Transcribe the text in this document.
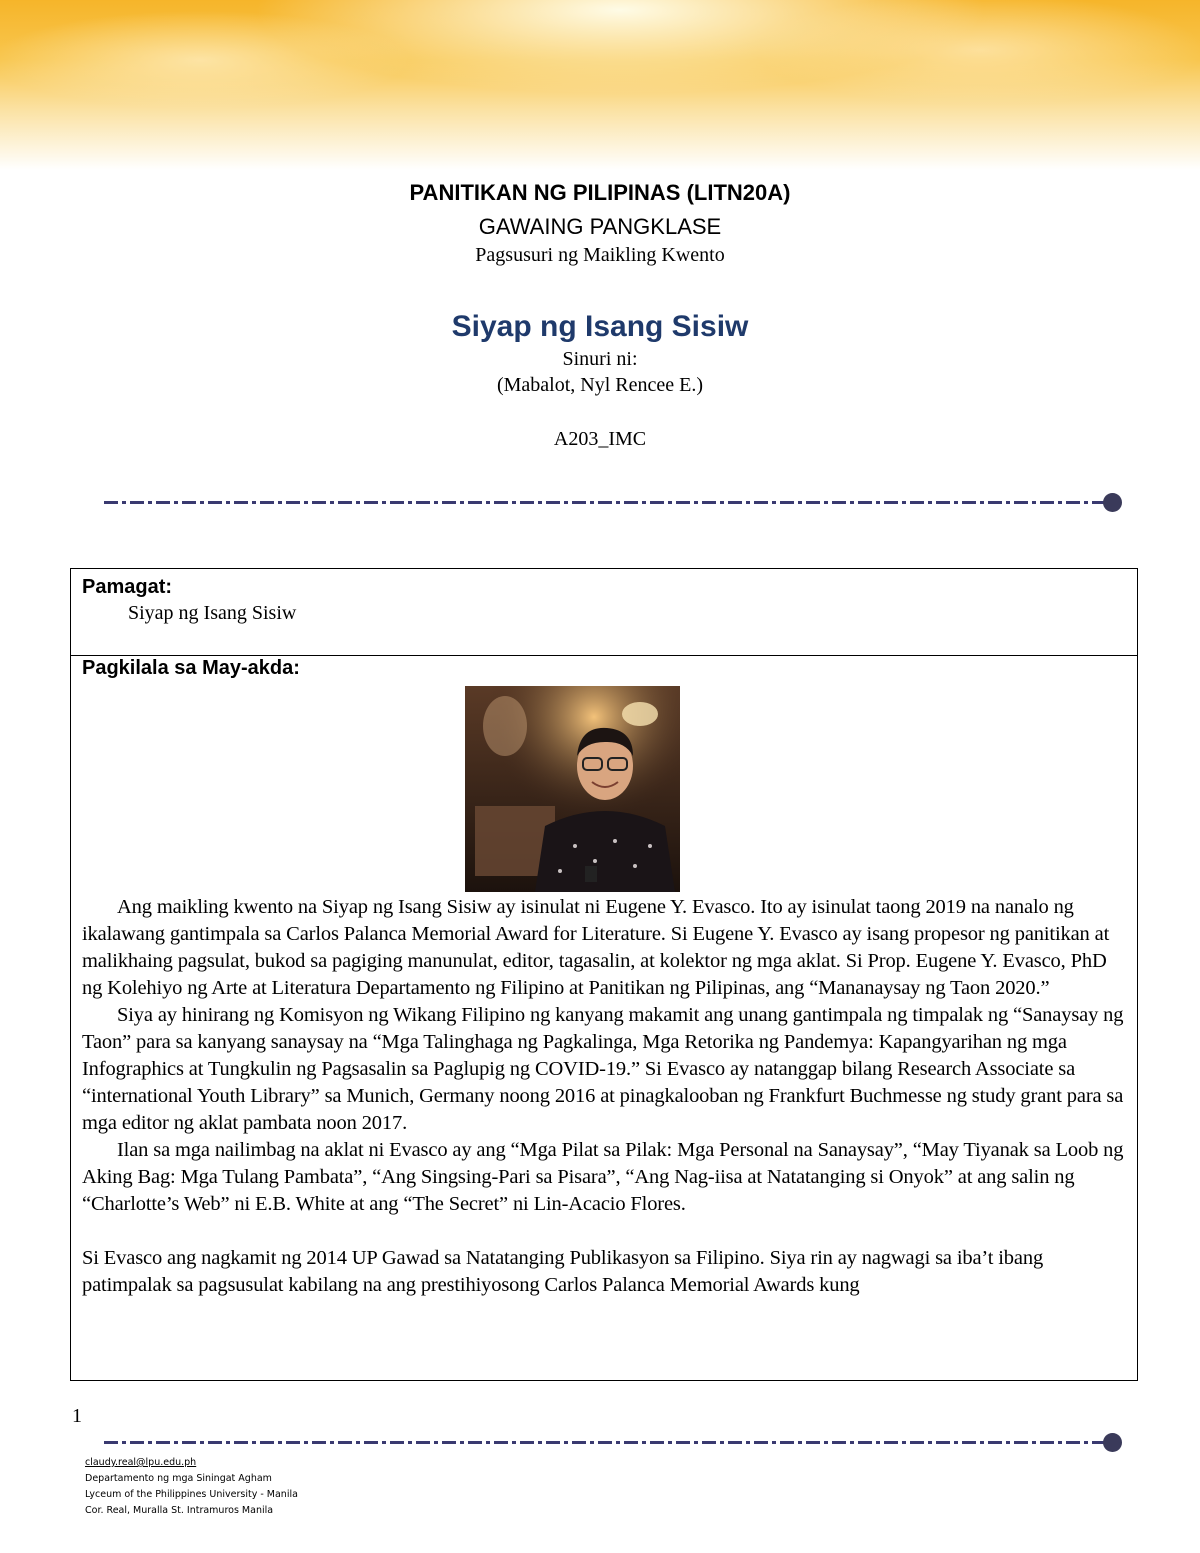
PANITIKAN NG PILIPINAS (LITN20A)
GAWAING PANGKLASE
Pagsusuri ng Maikling Kwento
Siyap ng Isang Sisiw
Sinuri ni:
(Mabalot, Nyl Rencee E.)
A203_IMC
Pamagat:
Siyap ng Isang Sisiw
Pagkilala sa May-akda:

Ang maikling kwento na Siyap ng Isang Sisiw ay isinulat ni Eugene Y. Evasco. Ito ay isinulat taong 2019 na nanalo ng ikalawang gantimpala sa Carlos Palanca Memorial Award for Literature. Si Eugene Y. Evasco ay isang propesor ng panitikan at malikhaing pagsulat, bukod sa pagiging manunulat, editor, tagasalin, at kolektor ng mga aklat. Si Prop. Eugene Y. Evasco, PhD ng Kolehiyo ng Arte at Literatura Departamento ng Filipino at Panitikan ng Pilipinas, ang “Mananaysay ng Taon 2020.”

Siya ay hinirang ng Komisyon ng Wikang Filipino ng kanyang makamit ang unang gantimpala ng timpalak ng “Sanaysay ng Taon” para sa kanyang sanaysay na “Mga Talinghaga ng Pagkalinga, Mga Retorika ng Pandemya: Kapangyarihan ng mga Infographics at Tungkulin ng Pagsasalin sa Paglupig ng COVID-19.” Si Evasco ay natanggap bilang Research Associate sa “international Youth Library” sa Munich, Germany noong 2016 at pinagkalooban ng Frankfurt Buchmesse ng study grant para sa mga editor ng aklat pambata noon 2017.

Ilan sa mga nailimbag na aklat ni Evasco ay ang “Mga Pilat sa Pilak: Mga Personal na Sanaysay”, “May Tiyanak sa Loob ng Aking Bag: Mga Tulang Pambata”, “Ang Singsing-Pari sa Pisara”, “Ang Nag-iisa at Natatanging si Onyok” at ang salin ng “Charlotte’s Web” ni E.B. White at ang “The Secret” ni Lin-Acacio Flores.

Si Evasco ang nagkamit ng 2014 UP Gawad sa Natatanging Publikasyon sa Filipino. Siya rin ay nagwagi sa iba’t ibang patimpalak sa pagsusulat kabilang na ang prestihiyosong Carlos Palanca Memorial Awards kung

1
claudy.real@lpu.edu.ph
Departamento ng mga Siningat Agham
Lyceum of the Philippines University - Manila
Cor. Real, Muralla St. Intramuros Manila
